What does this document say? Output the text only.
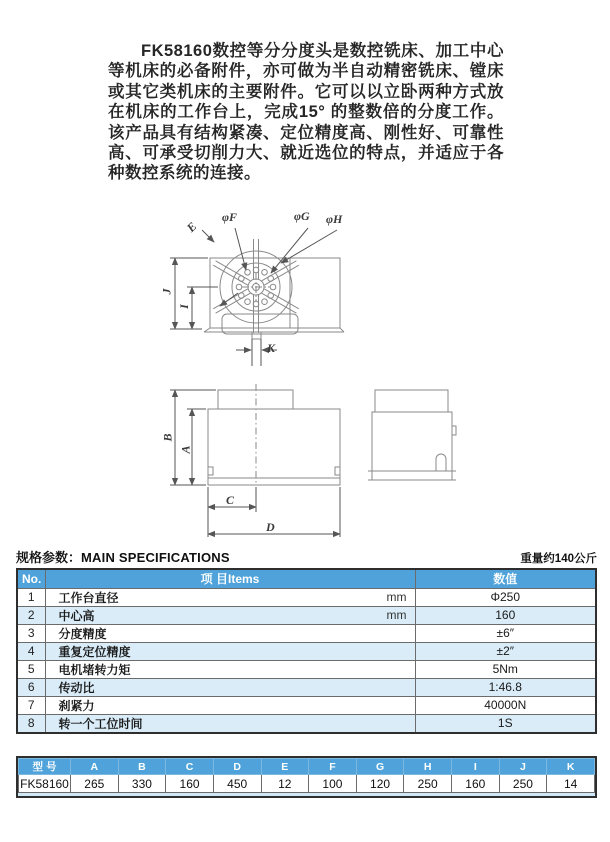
FK58160数控等分分度头是数控铣床、加工中心等机床的必备附件，亦可做为半自动精密铣床、镗床或其它类机床的主要附件。它可以以立卧两种方式放在机床的工作台上，完成15° 的整数倍的分度工作。该产品具有结构紧凑、定位精度高、刚性好、可靠性高、可承受切削力大、就近选位的特点，并适应于各种数控系统的连接。

E
φF	φG φH
J
I
K
B
A
C
D
规格参数：MAIN SPECIFICATIONS	重量约140公斤
No.	项 目Items	数值
1	工作台直径 mm	Φ250
2	中心高 mm	160
3	分度精度	±6″
4	重复定位精度	±2″
5	电机堵转力矩	5Nm
6	传动比	1:46.8
7	刹紧力	40000N
8	转一个工位时间	1S
型 号	A	B	C	D	E	F	G	H	I	J	K
FK58160	265	330	160	450	12	100	120	250	160	250	14
